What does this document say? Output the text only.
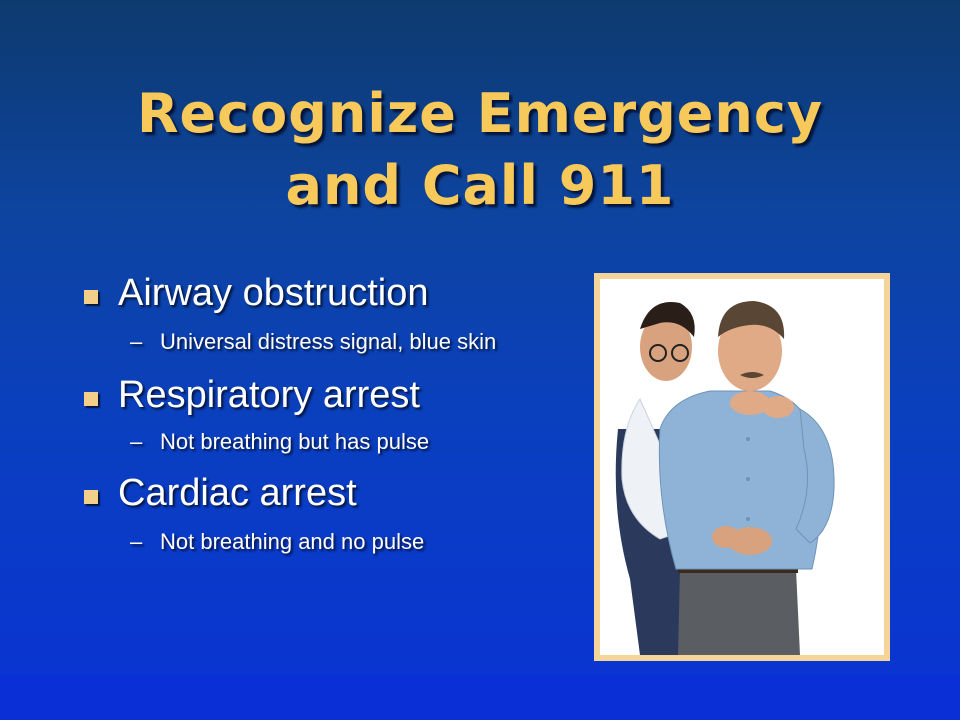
Recognize Emergency
and Call 911
Airway obstruction
– Universal distress signal, blue skin
Respiratory arrest
– Not breathing but has pulse
Cardiac arrest
– Not breathing and no pulse
